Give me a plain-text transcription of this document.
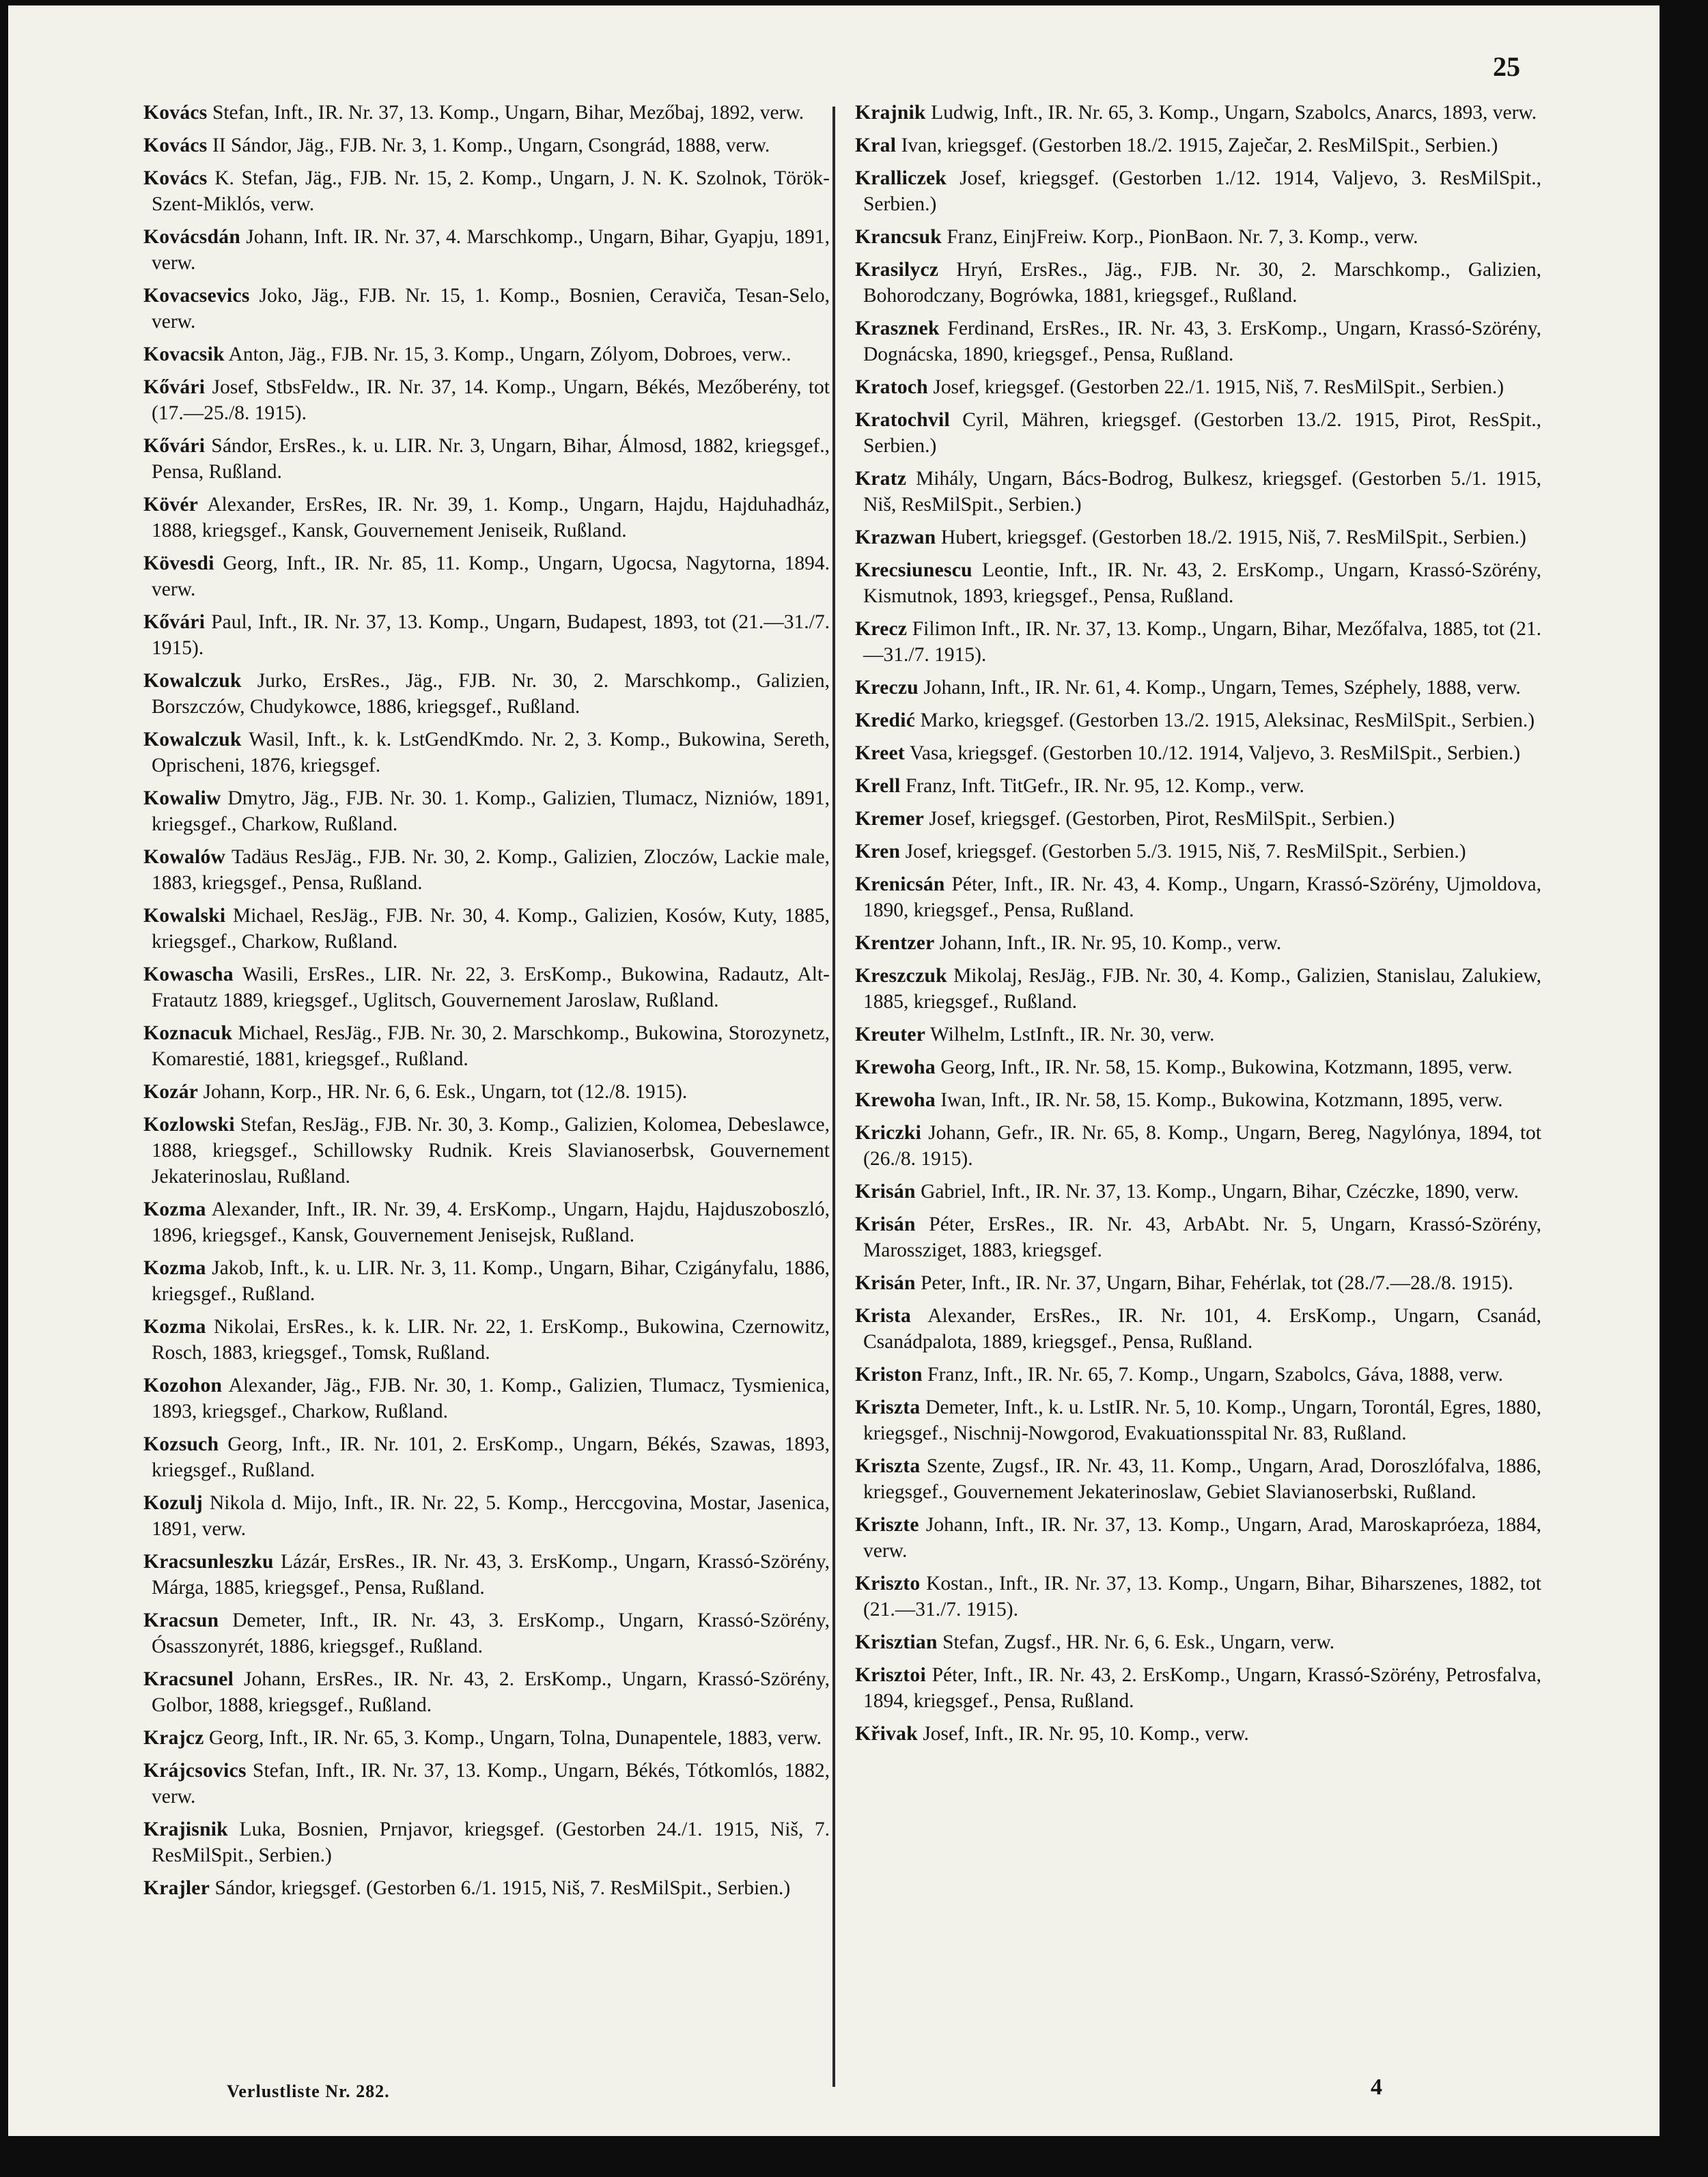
25

Kovács Stefan, Inft., IR. Nr. 37, 13. Komp., Ungarn, Bihar, Mezőbaj, 1892, verw.

Kovács II Sándor, Jäg., FJB. Nr. 3, 1. Komp., Ungarn, Csongrád, 1888, verw.

Kovács K. Stefan, Jäg., FJB. Nr. 15, 2. Komp., Ungarn, J. N. K. Szolnok, Török-Szent-Miklós, verw.

Kovácsdán Johann, Inft. IR. Nr. 37, 4. Marschkomp., Ungarn, Bihar, Gyapju, 1891, verw.

Kovacsevics Joko, Jäg., FJB. Nr. 15, 1. Komp., Bosnien, Ceraviča, Tesan-Selo, verw.

Kovacsik Anton, Jäg., FJB. Nr. 15, 3. Komp., Ungarn, Zólyom, Dobroes, verw..

Kővári Josef, StbsFeldw., IR. Nr. 37, 14. Komp., Ungarn, Békés, Mezőberény, tot (17.—25./8. 1915).

Kővári Sándor, ErsRes., k. u. LIR. Nr. 3, Ungarn, Bihar, Álmosd, 1882, kriegsgef., Pensa, Rußland.

Kövér Alexander, ErsRes, IR. Nr. 39, 1. Komp., Ungarn, Hajdu, Hajduhadház, 1888, kriegsgef., Kansk, Gouvernement Jeniseik, Rußland.

Kövesdi Georg, Inft., IR. Nr. 85, 11. Komp., Ungarn, Ugocsa, Nagytorna, 1894. verw.

Kővári Paul, Inft., IR. Nr. 37, 13. Komp., Ungarn, Budapest, 1893, tot (21.—31./7. 1915).

Kowalczuk Jurko, ErsRes., Jäg., FJB. Nr. 30, 2. Marschkomp., Galizien, Borszczów, Chudykowce, 1886, kriegsgef., Rußland.

Kowalczuk Wasil, Inft., k. k. LstGendKmdo. Nr. 2, 3. Komp., Bukowina, Sereth, Oprischeni, 1876, kriegsgef.

Kowaliw Dmytro, Jäg., FJB. Nr. 30. 1. Komp., Galizien, Tlumacz, Nizniów, 1891, kriegsgef., Charkow, Rußland.

Kowalów Tadäus ResJäg., FJB. Nr. 30, 2. Komp., Galizien, Zloczów, Lackie male, 1883, kriegsgef., Pensa, Rußland.

Kowalski Michael, ResJäg., FJB. Nr. 30, 4. Komp., Galizien, Kosów, Kuty, 1885, kriegsgef., Charkow, Rußland.

Kowascha Wasili, ErsRes., LIR. Nr. 22, 3. ErsKomp., Bukowina, Radautz, Alt-Fratautz 1889, kriegsgef., Uglitsch, Gouvernement Jaroslaw, Rußland.

Koznacuk Michael, ResJäg., FJB. Nr. 30, 2. Marschkomp., Bukowina, Storozynetz, Komarestié, 1881, kriegsgef., Rußland.

Kozár Johann, Korp., HR. Nr. 6, 6. Esk., Ungarn, tot (12./8. 1915).

Kozlowski Stefan, ResJäg., FJB. Nr. 30, 3. Komp., Galizien, Kolomea, Debeslawce, 1888, kriegsgef., Schillowsky Rudnik. Kreis Slavianoserbsk, Gouvernement Jekaterinoslau, Rußland.

Kozma Alexander, Inft., IR. Nr. 39, 4. ErsKomp., Ungarn, Hajdu, Hajduszoboszló, 1896, kriegsgef., Kansk, Gouvernement Jenisejsk, Rußland.

Kozma Jakob, Inft., k. u. LIR. Nr. 3, 11. Komp., Ungarn, Bihar, Czigányfalu, 1886, kriegsgef., Rußland.

Kozma Nikolai, ErsRes., k. k. LIR. Nr. 22, 1. ErsKomp., Bukowina, Czernowitz, Rosch, 1883, kriegsgef., Tomsk, Rußland.

Kozohon Alexander, Jäg., FJB. Nr. 30, 1. Komp., Galizien, Tlumacz, Tysmienica, 1893, kriegsgef., Charkow, Rußland.

Kozsuch Georg, Inft., IR. Nr. 101, 2. ErsKomp., Ungarn, Békés, Szawas, 1893, kriegsgef., Rußland.

Kozulj Nikola d. Mijo, Inft., IR. Nr. 22, 5. Komp., Herccgovina, Mostar, Jasenica, 1891, verw.

Kracsunleszku Lázár, ErsRes., IR. Nr. 43, 3. ErsKomp., Ungarn, Krassó-Szörény, Márga, 1885, kriegsgef., Pensa, Rußland.

Kracsun Demeter, Inft., IR. Nr. 43, 3. ErsKomp., Ungarn, Krassó-Szörény, Ósasszonyrét, 1886, kriegsgef., Rußland.

Kracsunel Johann, ErsRes., IR. Nr. 43, 2. ErsKomp., Ungarn, Krassó-Szörény, Golbor, 1888, kriegsgef., Rußland.

Krajcz Georg, Inft., IR. Nr. 65, 3. Komp., Ungarn, Tolna, Dunapentele, 1883, verw.

Krájcsovics Stefan, Inft., IR. Nr. 37, 13. Komp., Ungarn, Békés, Tótkomlós, 1882, verw.

Krajisnik Luka, Bosnien, Prnjavor, kriegsgef. (Gestorben 24./1. 1915, Niš, 7. ResMilSpit., Serbien.)

Krajler Sándor, kriegsgef. (Gestorben 6./1. 1915, Niš, 7. ResMilSpit., Serbien.)

Krajnik Ludwig, Inft., IR. Nr. 65, 3. Komp., Ungarn, Szabolcs, Anarcs, 1893, verw.

Kral Ivan, kriegsgef. (Gestorben 18./2. 1915, Zaječar, 2. ResMilSpit., Serbien.)

Kralliczek Josef, kriegsgef. (Gestorben 1./12. 1914, Valjevo, 3. ResMilSpit., Serbien.)

Krancsuk Franz, EinjFreiw. Korp., PionBaon. Nr. 7, 3. Komp., verw.

Krasilycz Hryń, ErsRes., Jäg., FJB. Nr. 30, 2. Marschkomp., Galizien, Bohorodczany, Bogrówka, 1881, kriegsgef., Rußland.

Krasznek Ferdinand, ErsRes., IR. Nr. 43, 3. ErsKomp., Ungarn, Krassó-Szörény, Dognácska, 1890, kriegsgef., Pensa, Rußland.

Kratoch Josef, kriegsgef. (Gestorben 22./1. 1915, Niš, 7. ResMilSpit., Serbien.)

Kratochvil Cyril, Mähren, kriegsgef. (Gestorben 13./2. 1915, Pirot, ResSpit., Serbien.)

Kratz Mihály, Ungarn, Bács-Bodrog, Bulkesz, kriegsgef. (Gestorben 5./1. 1915, Niš, ResMilSpit., Serbien.)

Krazwan Hubert, kriegsgef. (Gestorben 18./2. 1915, Niš, 7. ResMilSpit., Serbien.)

Krecsiunescu Leontie, Inft., IR. Nr. 43, 2. ErsKomp., Ungarn, Krassó-Szörény, Kismutnok, 1893, kriegsgef., Pensa, Rußland.

Krecz Filimon Inft., IR. Nr. 37, 13. Komp., Ungarn, Bihar, Mezőfalva, 1885, tot (21.—31./7. 1915).

Kreczu Johann, Inft., IR. Nr. 61, 4. Komp., Ungarn, Temes, Széphely, 1888, verw.

Kredić Marko, kriegsgef. (Gestorben 13./2. 1915, Aleksinac, ResMilSpit., Serbien.)

Kreet Vasa, kriegsgef. (Gestorben 10./12. 1914, Valjevo, 3. ResMilSpit., Serbien.)

Krell Franz, Inft. TitGefr., IR. Nr. 95, 12. Komp., verw.

Kremer Josef, kriegsgef. (Gestorben, Pirot, ResMilSpit., Serbien.)

Kren Josef, kriegsgef. (Gestorben 5./3. 1915, Niš, 7. ResMilSpit., Serbien.)

Krenicsán Péter, Inft., IR. Nr. 43, 4. Komp., Ungarn, Krassó-Szörény, Ujmoldova, 1890, kriegsgef., Pensa, Rußland.

Krentzer Johann, Inft., IR. Nr. 95, 10. Komp., verw.

Kreszczuk Mikolaj, ResJäg., FJB. Nr. 30, 4. Komp., Galizien, Stanislau, Zalukiew, 1885, kriegsgef., Rußland.

Kreuter Wilhelm, LstInft., IR. Nr. 30, verw.

Krewoha Georg, Inft., IR. Nr. 58, 15. Komp., Bukowina, Kotzmann, 1895, verw.

Krewoha Iwan, Inft., IR. Nr. 58, 15. Komp., Bukowina, Kotzmann, 1895, verw.

Kriczki Johann, Gefr., IR. Nr. 65, 8. Komp., Ungarn, Bereg, Nagylónya, 1894, tot (26./8. 1915).

Krisán Gabriel, Inft., IR. Nr. 37, 13. Komp., Ungarn, Bihar, Czéczke, 1890, verw.

Krisán Péter, ErsRes., IR. Nr. 43, ArbAbt. Nr. 5, Ungarn, Krassó-Szörény, Marossziget, 1883, kriegsgef.

Krisán Peter, Inft., IR. Nr. 37, Ungarn, Bihar, Fehérlak, tot (28./7.—28./8. 1915).

Krista Alexander, ErsRes., IR. Nr. 101, 4. ErsKomp., Ungarn, Csanád, Csanádpalota, 1889, kriegsgef., Pensa, Rußland.

Kriston Franz, Inft., IR. Nr. 65, 7. Komp., Ungarn, Szabolcs, Gáva, 1888, verw.

Kriszta Demeter, Inft., k. u. LstIR. Nr. 5, 10. Komp., Ungarn, Torontál, Egres, 1880, kriegsgef., Nischnij-Nowgorod, Evakuationsspital Nr. 83, Rußland.

Kriszta Szente, Zugsf., IR. Nr. 43, 11. Komp., Ungarn, Arad, Doroszlófalva, 1886, kriegsgef., Gouvernement Jekaterinoslaw, Gebiet Slavianoserbski, Rußland.

Kriszte Johann, Inft., IR. Nr. 37, 13. Komp., Ungarn, Arad, Maroskapróeza, 1884, verw.

Kriszto Kostan., Inft., IR. Nr. 37, 13. Komp., Ungarn, Bihar, Biharszenes, 1882, tot (21.—31./7. 1915).

Krisztian Stefan, Zugsf., HR. Nr. 6, 6. Esk., Ungarn, verw.

Krisztoi Péter, Inft., IR. Nr. 43, 2. ErsKomp., Ungarn, Krassó-Szörény, Petrosfalva, 1894, kriegsgef., Pensa, Rußland.

Křivak Josef, Inft., IR. Nr. 95, 10. Komp., verw.

Verlustliste Nr. 282.	4
